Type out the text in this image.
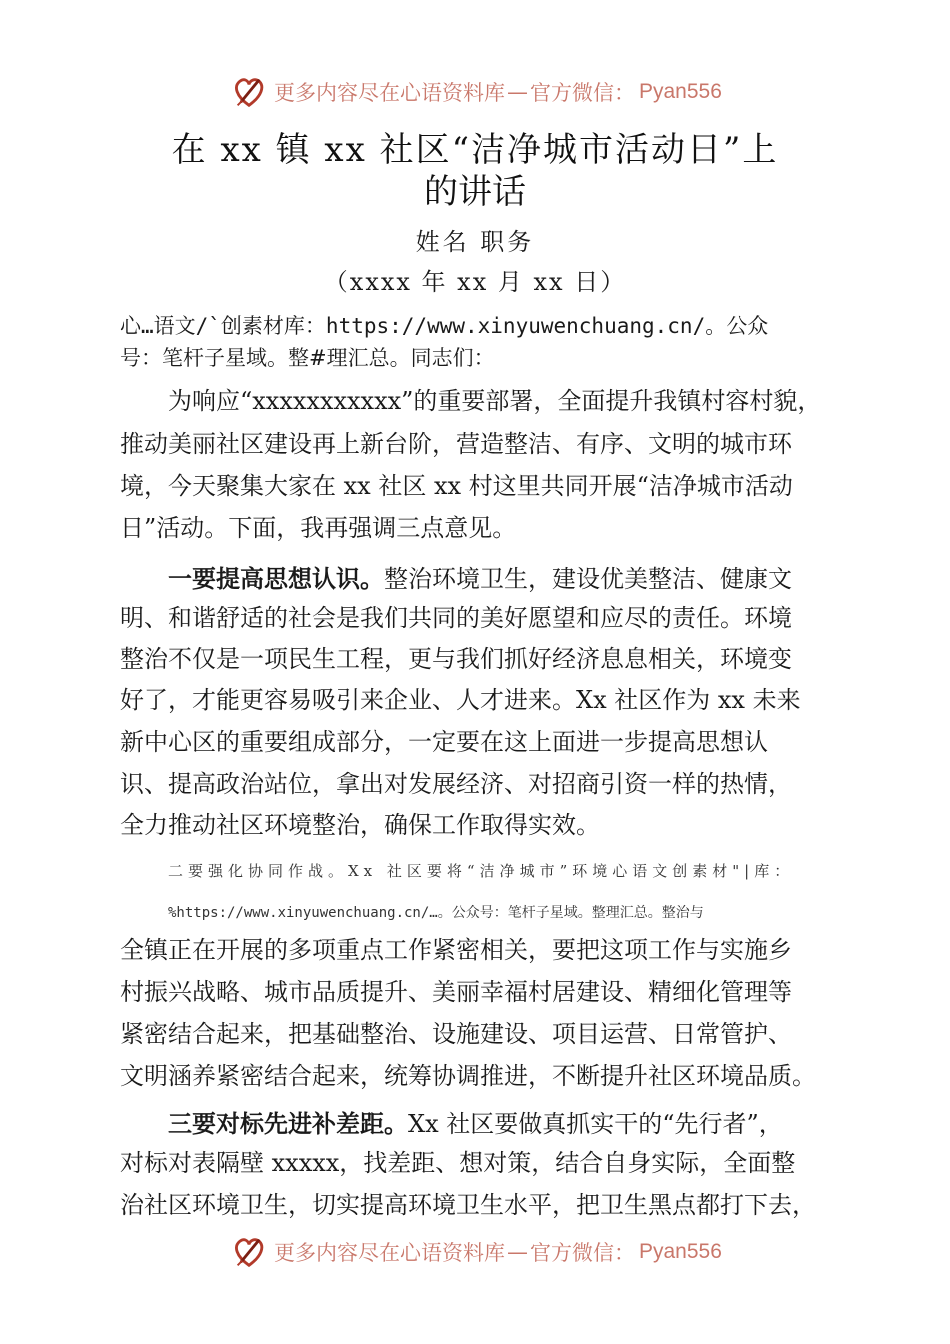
更多内容尽在心语资料库 — 官方微信： Pyan556
在 xx 镇 xx 社区“洁净城市活动日”上
的讲话
姓名 职务
（xxxx 年 xx 月 xx 日）
心…语文/`创素材库：https://www.xinyuwenchuang.cn/。公众
号：笔杆子星域。整#理汇总。同志们：
　　为响应“xxxxxxxxxxx”的重要部署，全面提升我镇村容村貌，
推动美丽社区建设再上新台阶，营造整洁、有序、文明的城市环
境，今天聚集大家在 xx 社区 xx 村这里共同开展“洁净城市活动
日”活动。下面，我再强调三点意见。
一要提高思想认识。整治环境卫生，建设优美整洁、健康文
明、和谐舒适的社会是我们共同的美好愿望和应尽的责任。环境
整治不仅是一项民生工程，更与我们抓好经济息息相关，环境变
好了，才能更容易吸引来企业、人才进来。Xx 社区作为 xx 未来
新中心区的重要组成部分，一定要在这上面进一步提高思想认
识、提高政治站位，拿出对发展经济、对招商引资一样的热情，
全力推动社区环境整治，确保工作取得实效。
二要强化协同作战。Xx 社区要将“洁净城市”环境心语文创素材"|库：
%https://www.xinyuwenchuang.cn/…。公众号：笔杆子星域。整理汇总。整治与
全镇正在开展的多项重点工作紧密相关，要把这项工作与实施乡
村振兴战略、城市品质提升、美丽幸福村居建设、精细化管理等
紧密结合起来，把基础整治、设施建设、项目运营、日常管护、
文明涵养紧密结合起来，统筹协调推进，不断提升社区环境品质。
三要对标先进补差距。Xx 社区要做真抓实干的“先行者”，
对标对表隔壁 xxxxx，找差距、想对策，结合自身实际，全面整
治社区环境卫生，切实提高环境卫生水平，把卫生黑点都打下去，
更多内容尽在心语资料库 — 官方微信： Pyan556
